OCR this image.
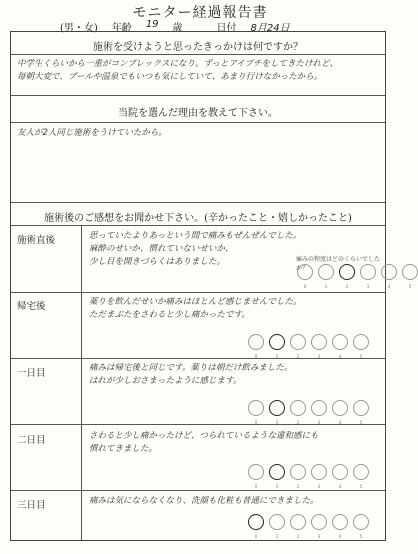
モニター経過報告書
(男・女) 年齢 19 歳	日付 8月24日
施術を受けようと思ったきっかけは何ですか？
中学生くらいから一重がコンプレックスになり、ずっとアイプチをしてきたけれど、
毎朝大変で、プールや温泉でもいつも気にしていて、あまり行けなかったから。
当院を選んだ理由を教えて下さい。
友人が2人同じ施術をうけていたから。
施術後のご感想をお聞かせ下さい。(辛かったこと・嬉しかったこと)
施術直後	思っていたよりあっという間で痛みもぜんぜんでした。
麻酔のせいか、慣れていないせいか、
少し目を開きづらくはありました。	痛みの程度はどのくらいでしたか？
0	1	2	3	4	5
帰宅後	薬りを飲んだせいか痛みはほとんど感じませんでした。
ただまぶたをさわると少し痛かったです。
0	1	2	3	4	5
一日目	痛みは帰宅後と同じです。薬りは朝だけ飲みました。
はれが少しおさまったように感じます。
0	1	2	3	4	5
二日目	さわると少し痛かったけど、つられているような違和感にも
慣れてきました。
0	1	2	3	4	5
三日目	痛みは気にならなくなり、洗顔も化粧も普通にできました。
0	1	2	3	4	5
